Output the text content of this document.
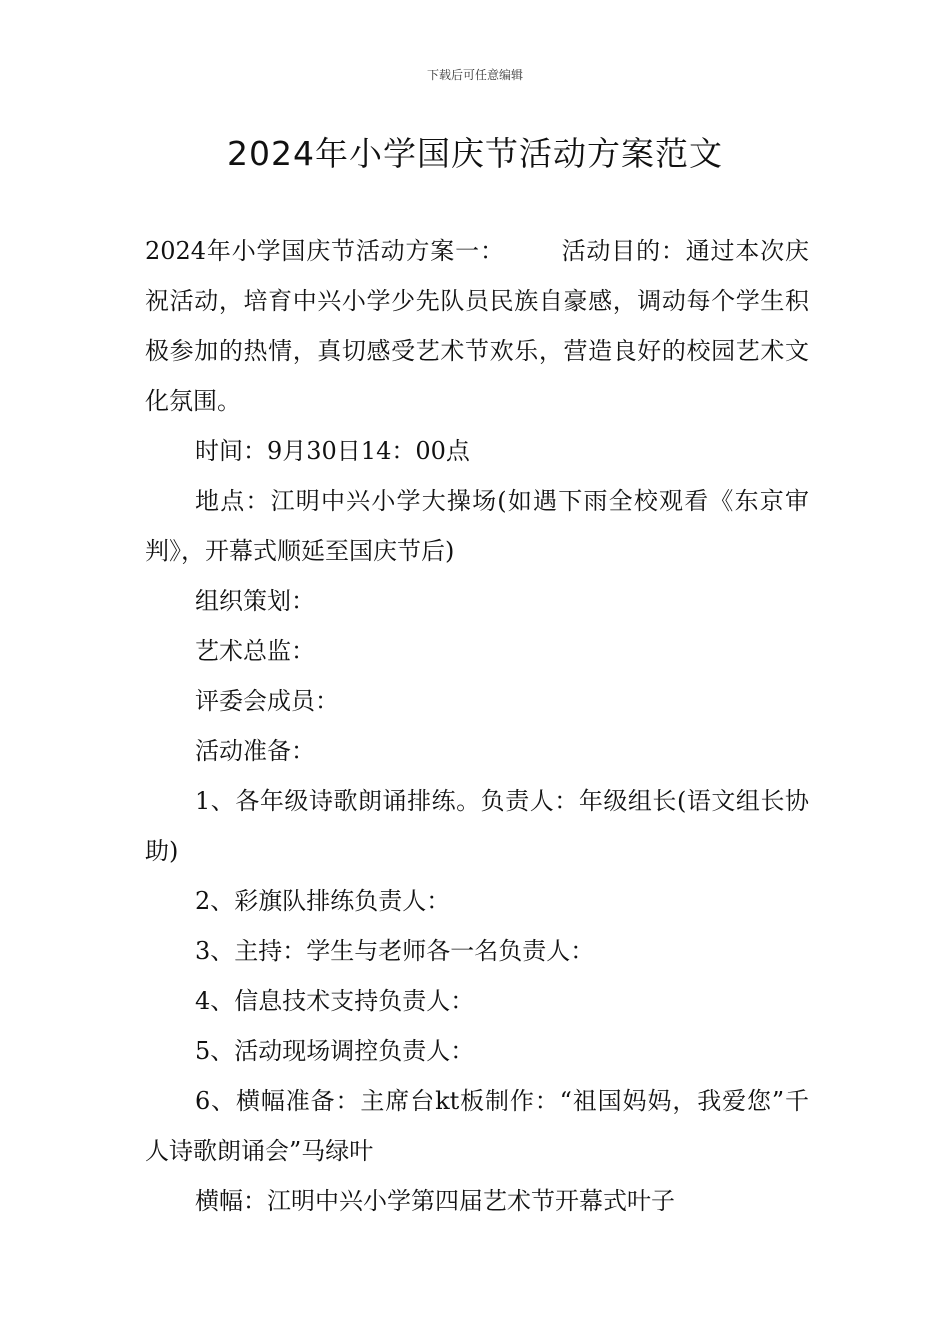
下载后可任意编辑
2024年小学国庆节活动方案范文

2024年小学国庆节活动方案一： 活动目的：通过本次庆祝活动，培育中兴小学少先队员民族自豪感，调动每个学生积极参加的热情，真切感受艺术节欢乐，营造良好的校园艺术文化氛围。

时间：9月30日14：00点

地点：江明中兴小学大操场(如遇下雨全校观看《东京审判》，开幕式顺延至国庆节后)

组织策划：

艺术总监：

评委会成员：

活动准备：

1、各年级诗歌朗诵排练。负责人：年级组长(语文组长协助)

2、彩旗队排练负责人：

3、主持：学生与老师各一名负责人：

4、信息技术支持负责人：

5、活动现场调控负责人：

6、横幅准备：主席台kt板制作：“祖国妈妈，我爱您”千人诗歌朗诵会”马绿叶

横幅：江明中兴小学第四届艺术节开幕式叶子
